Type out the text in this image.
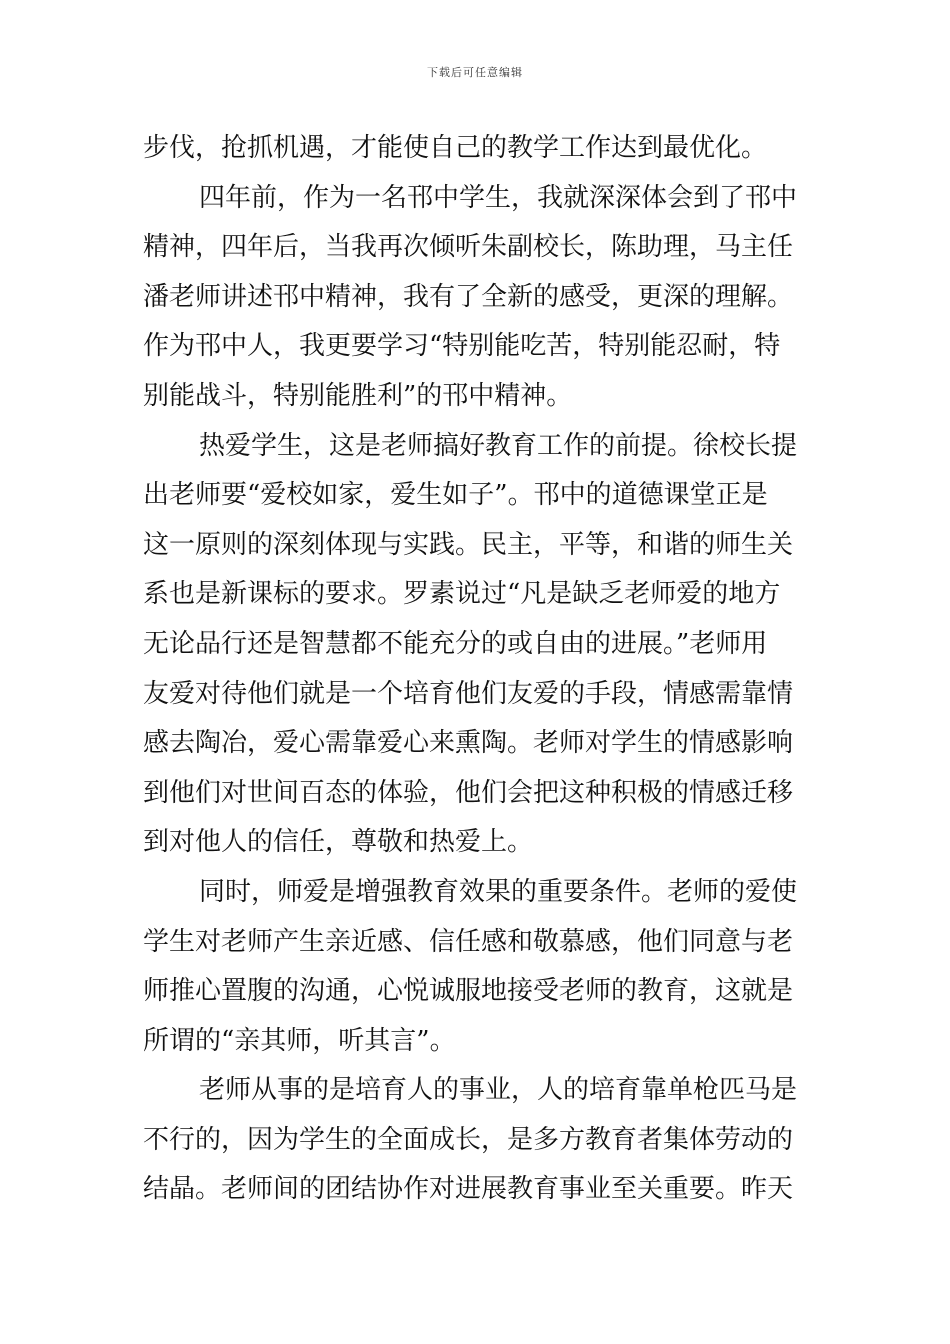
下载后可任意编辑
步伐，抢抓机遇，才能使自己的教学工作达到最优化。
四年前，作为一名邗中学生，我就深深体会到了邗中
精神，四年后，当我再次倾听朱副校长，陈助理，马主任
潘老师讲述邗中精神，我有了全新的感受，更深的理解。
作为邗中人，我更要学习“特别能吃苦，特别能忍耐，特
别能战斗，特别能胜利”的邗中精神。
热爱学生，这是老师搞好教育工作的前提。徐校长提
出老师要“爱校如家，爱生如子”。邗中的道德课堂正是
这一原则的深刻体现与实践。民主，平等，和谐的师生关
系也是新课标的要求。罗素说过“凡是缺乏老师爱的地方
无论品行还是智慧都不能充分的或自由的进展。”老师用
友爱对待他们就是一个培育他们友爱的手段，情感需靠情
感去陶冶，爱心需靠爱心来熏陶。老师对学生的情感影响
到他们对世间百态的体验，他们会把这种积极的情感迁移
到对他人的信任，尊敬和热爱上。
同时，师爱是增强教育效果的重要条件。老师的爱使
学生对老师产生亲近感、信任感和敬慕感，他们同意与老
师推心置腹的沟通，心悦诚服地接受老师的教育，这就是
所谓的“亲其师，听其言”。
老师从事的是培育人的事业，人的培育靠单枪匹马是
不行的，因为学生的全面成长，是多方教育者集体劳动的
结晶。老师间的团结协作对进展教育事业至关重要。昨天
